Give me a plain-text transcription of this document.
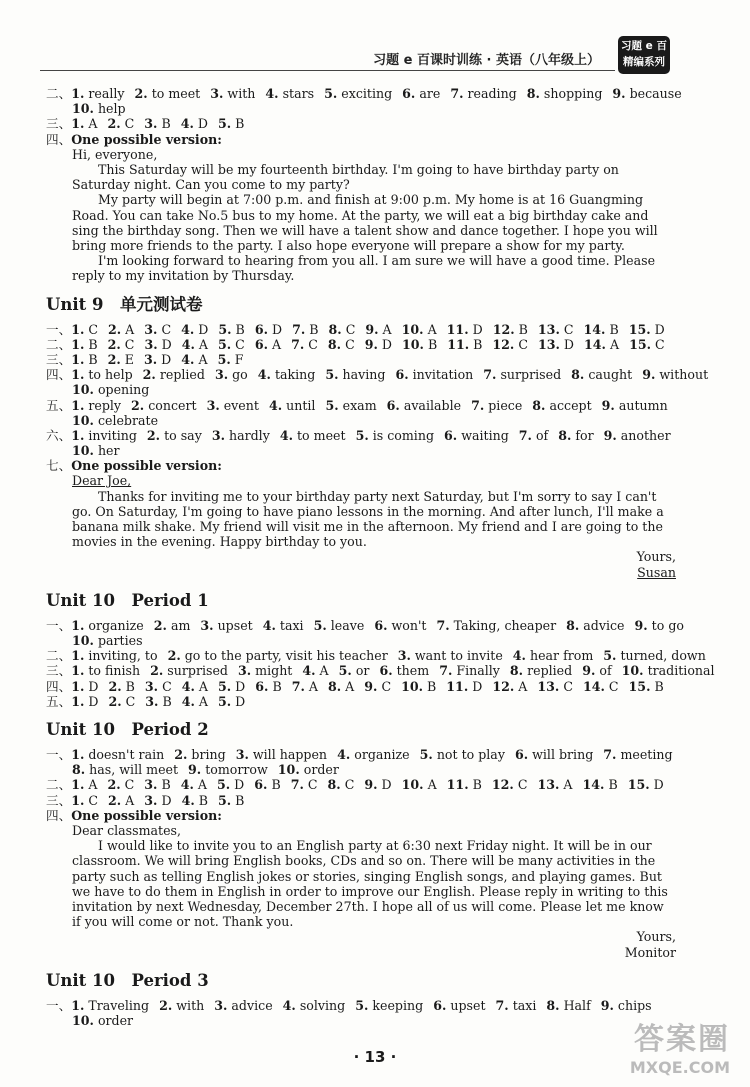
习题 e 百课时训练 · 英语（八年级上）
习题 e 百
精编系列
二、1. really 2. to meet 3. with 4. stars 5. exciting 6. are 7. reading 8. shopping 9. because
10. help
三、1. A 2. C 3. B 4. D 5. B
四、One possible version:
Hi, everyone,

This Saturday will be my fourteenth birthday. I'm going to have birthday party on Saturday night. Can you come to my party?

My party will begin at 7:00 p.m. and finish at 9:00 p.m. My home is at 16 Guangming Road. You can take No.5 bus to my home. At the party, we will eat a big birthday cake and sing the birthday song. Then we will have a talent show and dance together. I hope you will bring more friends to the party. I also hope everyone will prepare a show for my party.

I'm looking forward to hearing from you all. I am sure we will have a good time. Please reply to my invitation by Thursday.

Unit 9　单元测试卷
一、1. C 2. A 3. C 4. D 5. B 6. D 7. B 8. C 9. A 10. A 11. D 12. B 13. C 14. B 15. D
二、1. B 2. C 3. D 4. A 5. C 6. A 7. C 8. C 9. D 10. B 11. B 12. C 13. D 14. A 15. C
三、1. B 2. E 3. D 4. A 5. F
四、1. to help 2. replied 3. go 4. taking 5. having 6. invitation 7. surprised 8. caught 9. without
10. opening
五、1. reply 2. concert 3. event 4. until 5. exam 6. available 7. piece 8. accept 9. autumn
10. celebrate
六、1. inviting 2. to say 3. hardly 4. to meet 5. is coming 6. waiting 7. of 8. for 9. another
10. her
七、One possible version:
Dear Joe,

Thanks for inviting me to your birthday party next Saturday, but I'm sorry to say I can't go. On Saturday, I'm going to have piano lessons in the morning. And after lunch, I'll make a banana milk shake. My friend will visit me in the afternoon. My friend and I are going to the movies in the evening. Happy birthday to you.

Yours,
Susan
Unit 10　Period 1
一、1. organize 2. am 3. upset 4. taxi 5. leave 6. won't 7. Taking, cheaper 8. advice 9. to go
10. parties
二、1. inviting, to 2. go to the party, visit his teacher 3. want to invite 4. hear from 5. turned, down
三、1. to finish 2. surprised 3. might 4. A 5. or 6. them 7. Finally 8. replied 9. of 10. traditional
四、1. D 2. B 3. C 4. A 5. D 6. B 7. A 8. A 9. C 10. B 11. D 12. A 13. C 14. C 15. B
五、1. D 2. C 3. B 4. A 5. D
Unit 10　Period 2
一、1. doesn't rain 2. bring 3. will happen 4. organize 5. not to play 6. will bring 7. meeting
8. has, will meet 9. tomorrow 10. order
二、1. A 2. C 3. B 4. A 5. D 6. B 7. C 8. C 9. D 10. A 11. B 12. C 13. A 14. B 15. D
三、1. C 2. A 3. D 4. B 5. B
四、One possible version:
Dear classmates,

I would like to invite you to an English party at 6:30 next Friday night. It will be in our classroom. We will bring English books, CDs and so on. There will be many activities in the party such as telling English jokes or stories, singing English songs, and playing games. But we have to do them in English in order to improve our English. Please reply in writing to this invitation by next Wednesday, December 27th. I hope all of us will come. Please let me know if you will come or not. Thank you.

Yours,
Monitor
Unit 10　Period 3
一、1. Traveling 2. with 3. advice 4. solving 5. keeping 6. upset 7. taxi 8. Half 9. chips
10. order
· 13 ·	答案圈
MXQE.COM
